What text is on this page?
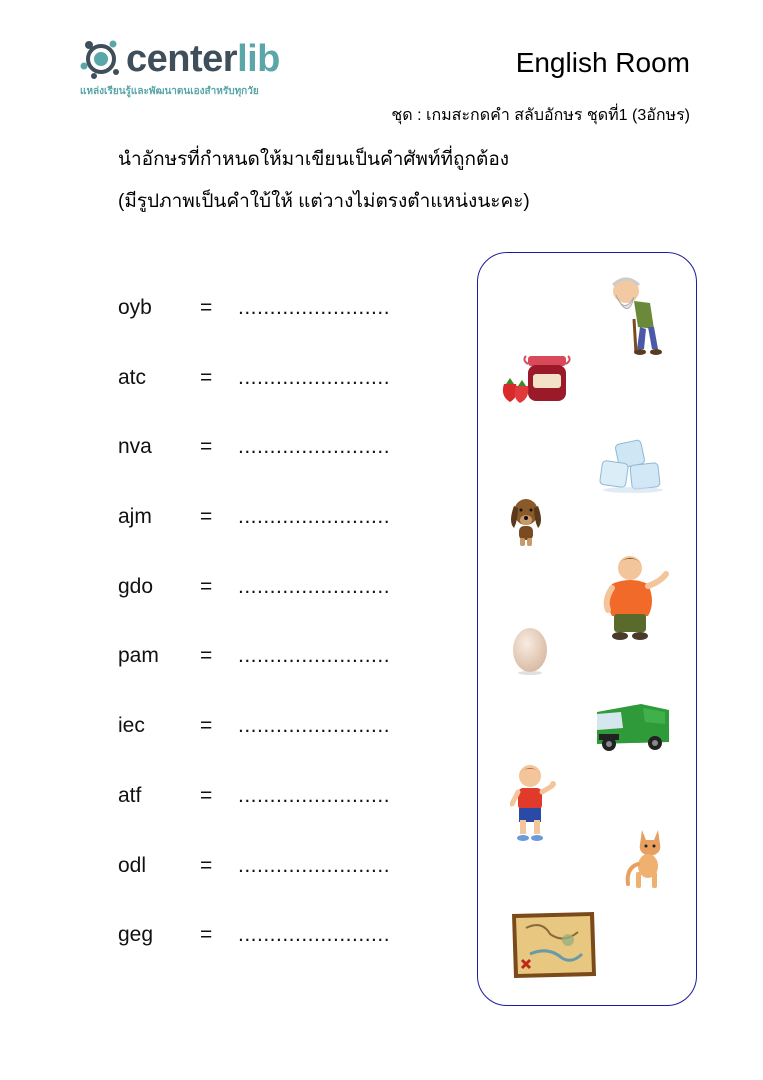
centerlib
แหล่งเรียนรู้และพัฒนาตนเองสำหรับทุกวัย
English Room
ชุด : เกมสะกดคำ สลับอักษร ชุดที่1 (3อักษร)
นำอักษรที่กำหนดให้มาเขียนเป็นคำศัพท์ที่ถูกต้อง
(มีรูปภาพเป็นคำใบ้ให้ แต่วางไม่ตรงตำแหน่งนะคะ)
oyb = ........................
atc	= ........................
nva = ........................
ajm = ........................
gdo = ........................
pam = ........................
iec	= ........................
atf	= ........................
odl	= ........................
geg = ........................
